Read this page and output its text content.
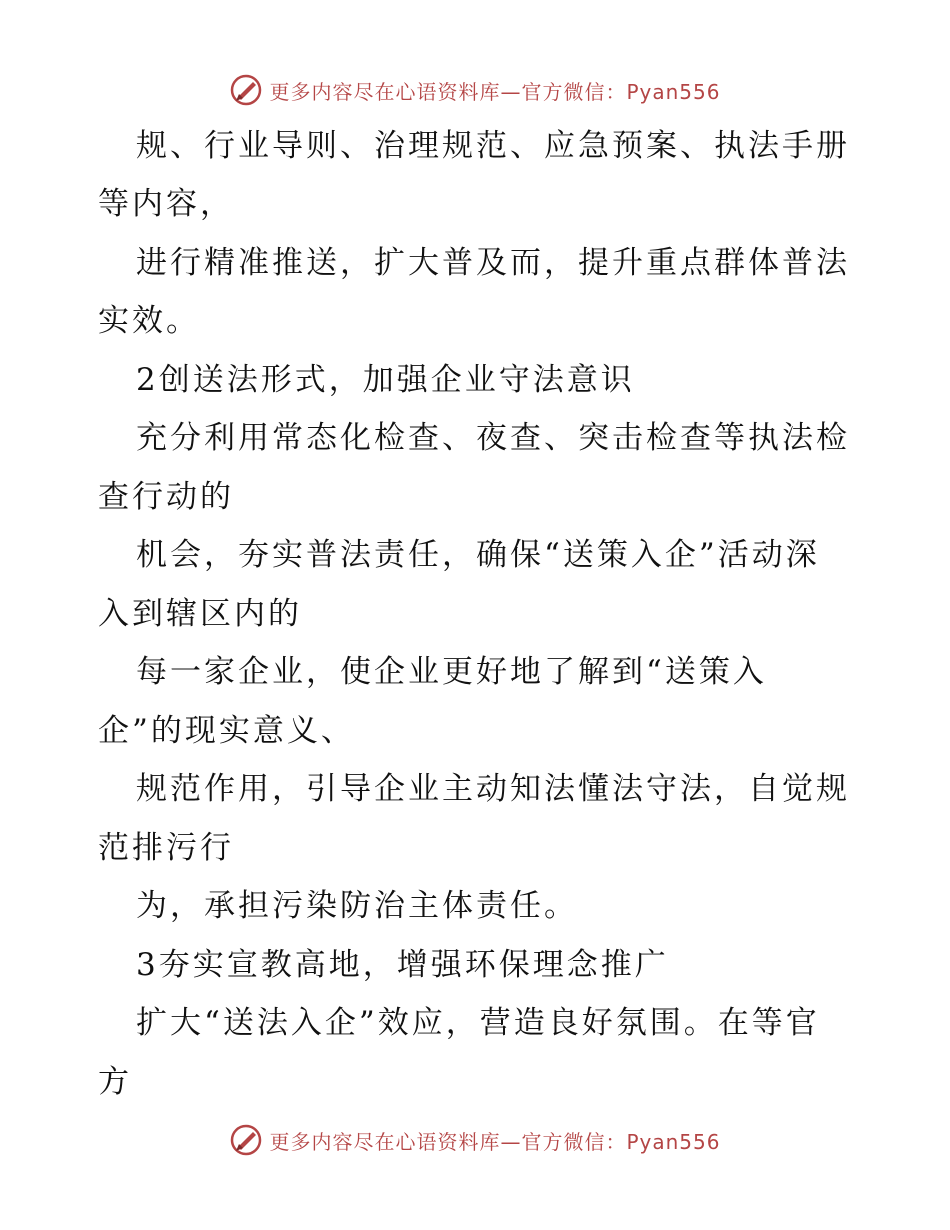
更多内容尽在心语资料库—官方微信：Pyan556
规、行业导则、治理规范、应急预案、执法手册
等内容，
进行精准推送，扩大普及而，提升重点群体普法
实效。
2创送法形式，加强企业守法意识
充分利用常态化检查、夜查、突击检查等执法检
查行动的
机会，夯实普法责任，确保“送策入企”活动深
入到辖区内的
每一家企业，使企业更好地了解到“送策入
企”的现实意义、
规范作用，引导企业主动知法懂法守法，自觉规
范排污行
为，承担污染防治主体责任。
3夯实宣教高地，增强环保理念推广
扩大“送法入企”效应，营造良好氛围。在等官
方
更多内容尽在心语资料库—官方微信：Pyan556
